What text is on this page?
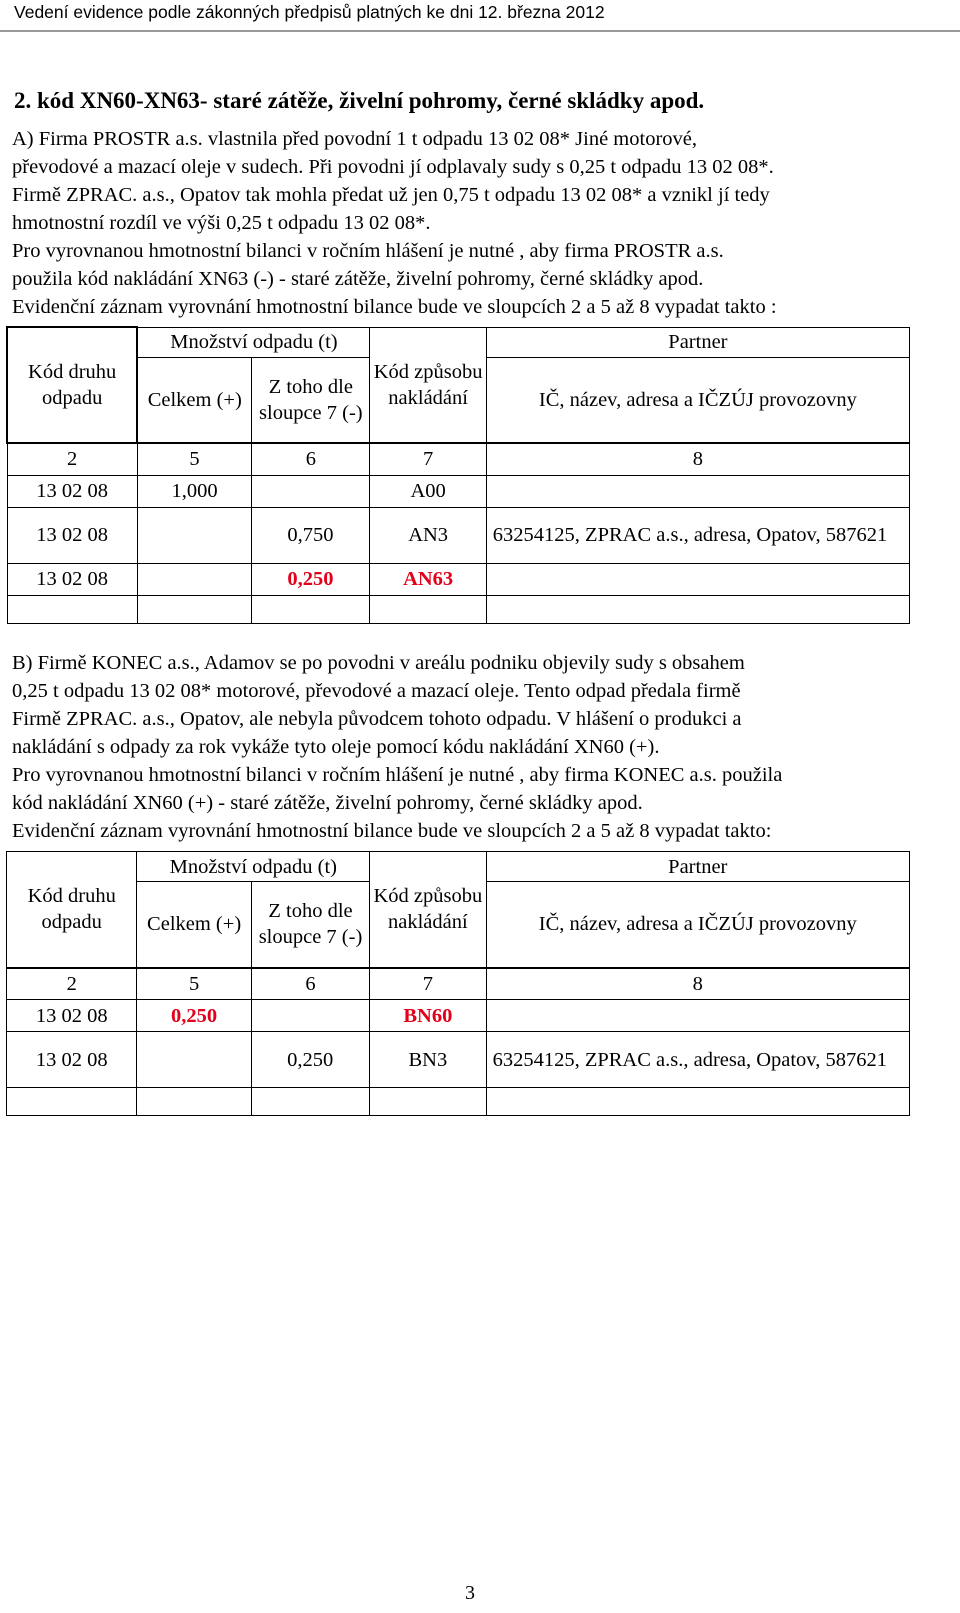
Vedení evidence podle zákonných předpisů platných ke dni 12. března 2012
2. kód XN60-XN63- staré zátěže, živelní pohromy, černé skládky apod.
A) Firma PROSTR a.s. vlastnila před povodní 1 t odpadu 13 02 08* Jiné motorové,
převodové a mazací oleje v sudech. Při povodni jí odplavaly sudy s 0,25 t odpadu 13 02 08*.
Firmě ZPRAC. a.s., Opatov tak mohla předat už jen 0,75 t odpadu 13 02 08* a vznikl jí tedy
hmotnostní rozdíl ve výši 0,25 t odpadu 13 02 08*.
Pro vyrovnanou hmotnostní bilanci v ročním hlášení je nutné , aby firma PROSTR a.s.
použila kód nakládání XN63 (-) - staré zátěže, živelní pohromy, černé skládky apod.
Evidenční záznam vyrovnání hmotnostní bilance bude ve sloupcích 2 a 5 až 8 vypadat takto :
Kód druhu odpadu	Množství odpadu (t)		Kód způsobu nakládání	Partner
	Celkem (+)	Z toho dle sloupce 7 (-)		IČ, název, adresa a IČZÚJ provozovny
2	5	6	7	8
13 02 08	1,000		A00	
13 02 08		0,750	AN3	63254125, ZPRAC a.s., adresa, Opatov, 587621
13 02 08		0,250	AN63	

B) Firmě KONEC a.s., Adamov se po povodni v areálu podniku objevily sudy s obsahem
0,25 t odpadu 13 02 08* motorové, převodové a mazací oleje. Tento odpad předala firmě
Firmě ZPRAC. a.s., Opatov, ale nebyla původcem tohoto odpadu. V hlášení o produkci a
nakládání s odpady za rok vykáže tyto oleje pomocí kódu nakládání XN60 (+).
Pro vyrovnanou hmotnostní bilanci v ročním hlášení je nutné , aby firma KONEC a.s. použila
kód nakládání XN60 (+) - staré zátěže, živelní pohromy, černé skládky apod.
Evidenční záznam vyrovnání hmotnostní bilance bude ve sloupcích 2 a 5 až 8 vypadat takto:
Kód druhu odpadu	Množství odpadu (t)		Kód způsobu nakládání	Partner
	Celkem (+)	Z toho dle sloupce 7 (-)		IČ, název, adresa a IČZÚJ provozovny
2	5	6	7	8
13 02 08	0,250		BN60	
13 02 08		0,250	BN3	63254125, ZPRAC a.s., adresa, Opatov, 587621

3
